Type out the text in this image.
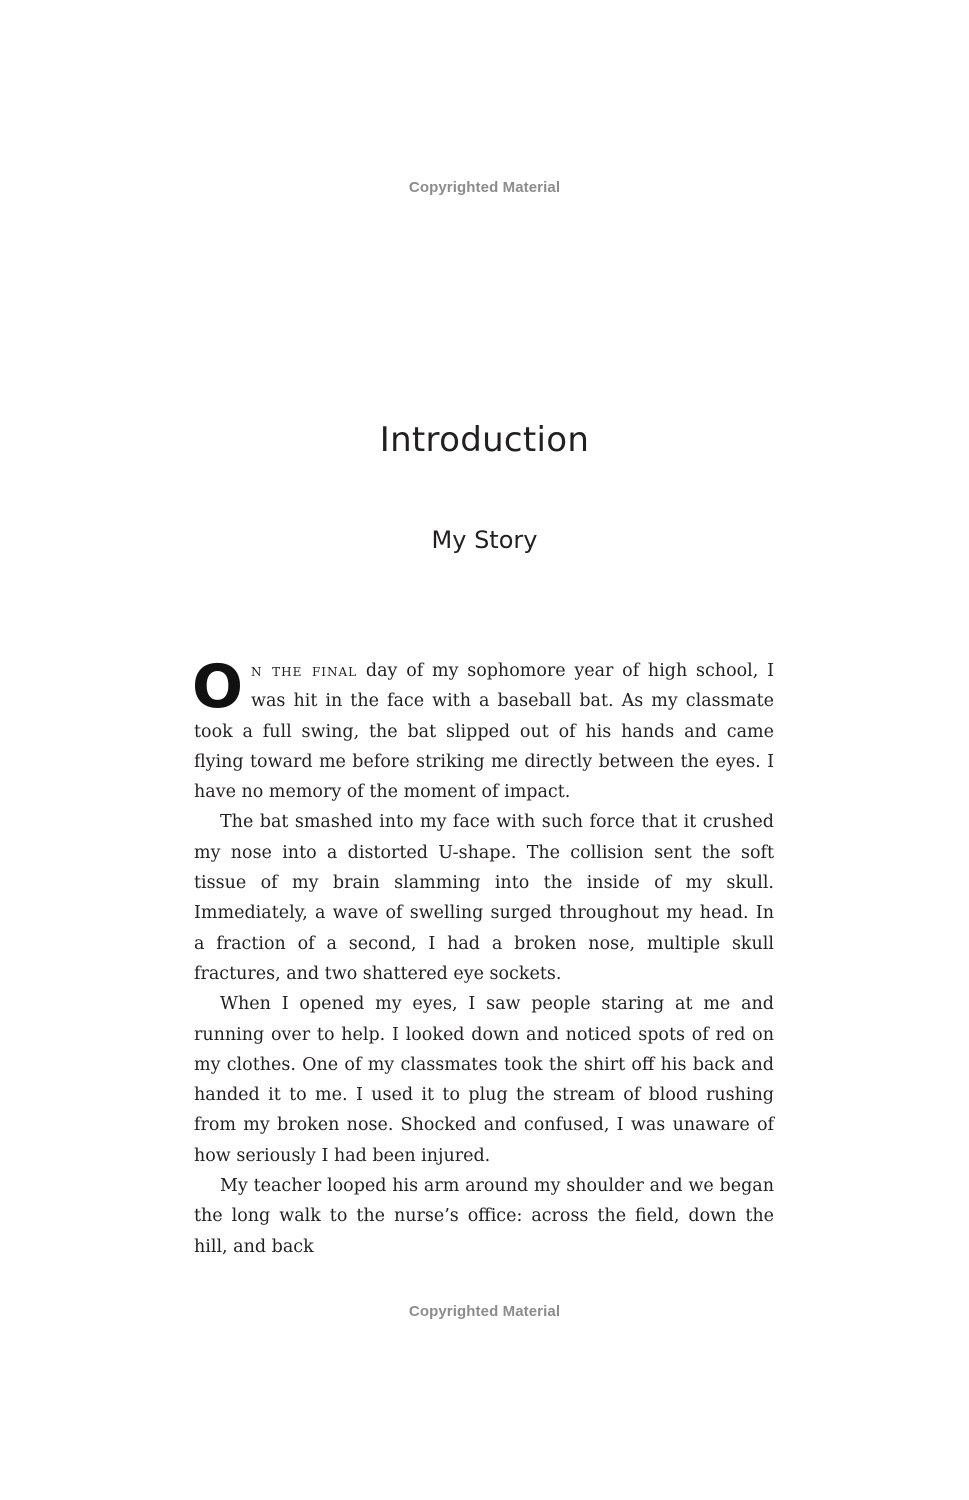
Copyrighted Material
Introduction
My Story

On the final day of my sophomore year of high school, I was hit in the face with a baseball bat. As my classmate took a full swing, the bat slipped out of his hands and came flying toward me before striking me directly between the eyes. I have no memory of the moment of impact.

The bat smashed into my face with such force that it crushed my nose into a distorted U-shape. The collision sent the soft tissue of my brain slamming into the inside of my skull. Immediately, a wave of swelling surged throughout my head. In a fraction of a second, I had a broken nose, multiple skull fractures, and two shattered eye sockets.

When I opened my eyes, I saw people staring at me and running over to help. I looked down and noticed spots of red on my clothes. One of my classmates took the shirt off his back and handed it to me. I used it to plug the stream of blood rushing from my broken nose. Shocked and confused, I was unaware of how seriously I had been injured.

My teacher looped his arm around my shoulder and we began the long walk to the nurse’s office: across the field, down the hill, and back

Copyrighted Material
